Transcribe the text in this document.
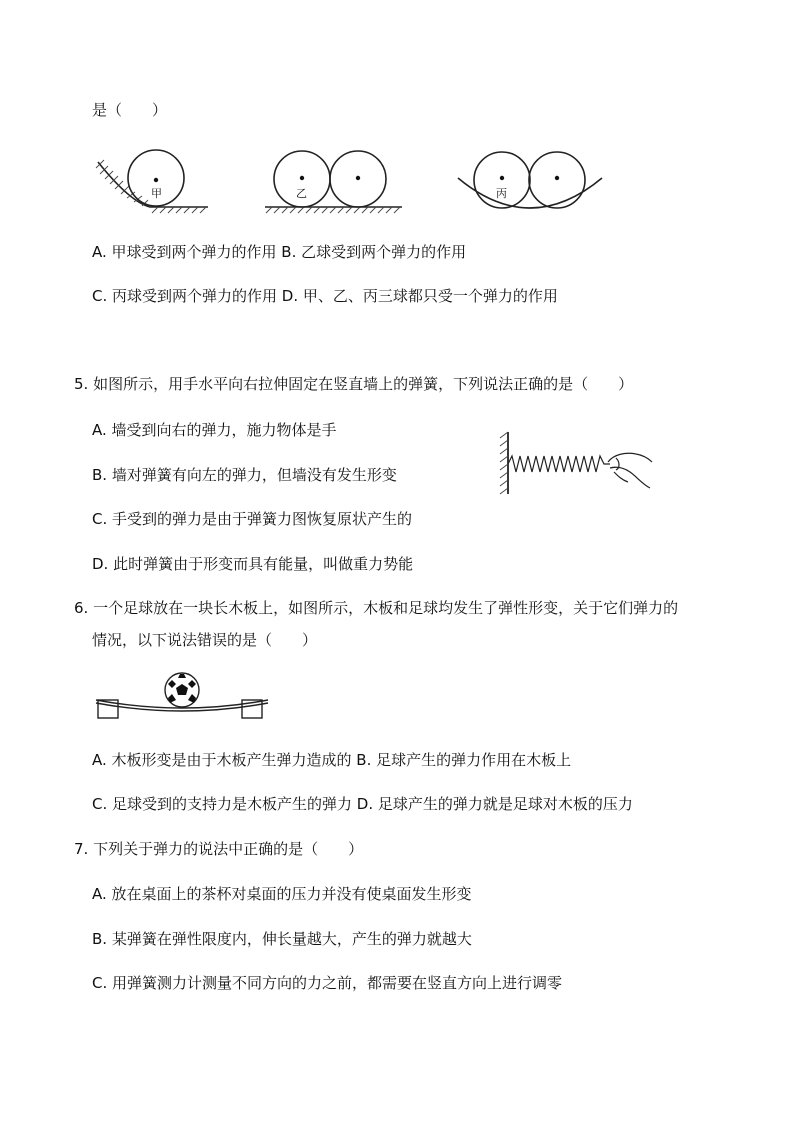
是（　　）
甲	乙	丙
A. 甲球受到两个弹力的作用 B. 乙球受到两个弹力的作用
C. 丙球受到两个弹力的作用 D. 甲、乙、丙三球都只受一个弹力的作用
5. 如图所示，用手水平向右拉伸固定在竖直墙上的弹簧，下列说法正确的是（　　）
A. 墙受到向右的弹力，施力物体是手
B. 墙对弹簧有向左的弹力，但墙没有发生形变
C. 手受到的弹力是由于弹簧力图恢复原状产生的
D. 此时弹簧由于形变而具有能量，叫做重力势能
6. 一个足球放在一块长木板上，如图所示，木板和足球均发生了弹性形变，关于它们弹力的
情况，以下说法错误的是（　　）
A. 木板形变是由于木板产生弹力造成的 B. 足球产生的弹力作用在木板上
C. 足球受到的支持力是木板产生的弹力 D. 足球产生的弹力就是足球对木板的压力
7. 下列关于弹力的说法中正确的是（　　）
A. 放在桌面上的茶杯对桌面的压力并没有使桌面发生形变
B. 某弹簧在弹性限度内，伸长量越大，产生的弹力就越大
C. 用弹簧测力计测量不同方向的力之前，都需要在竖直方向上进行调零
